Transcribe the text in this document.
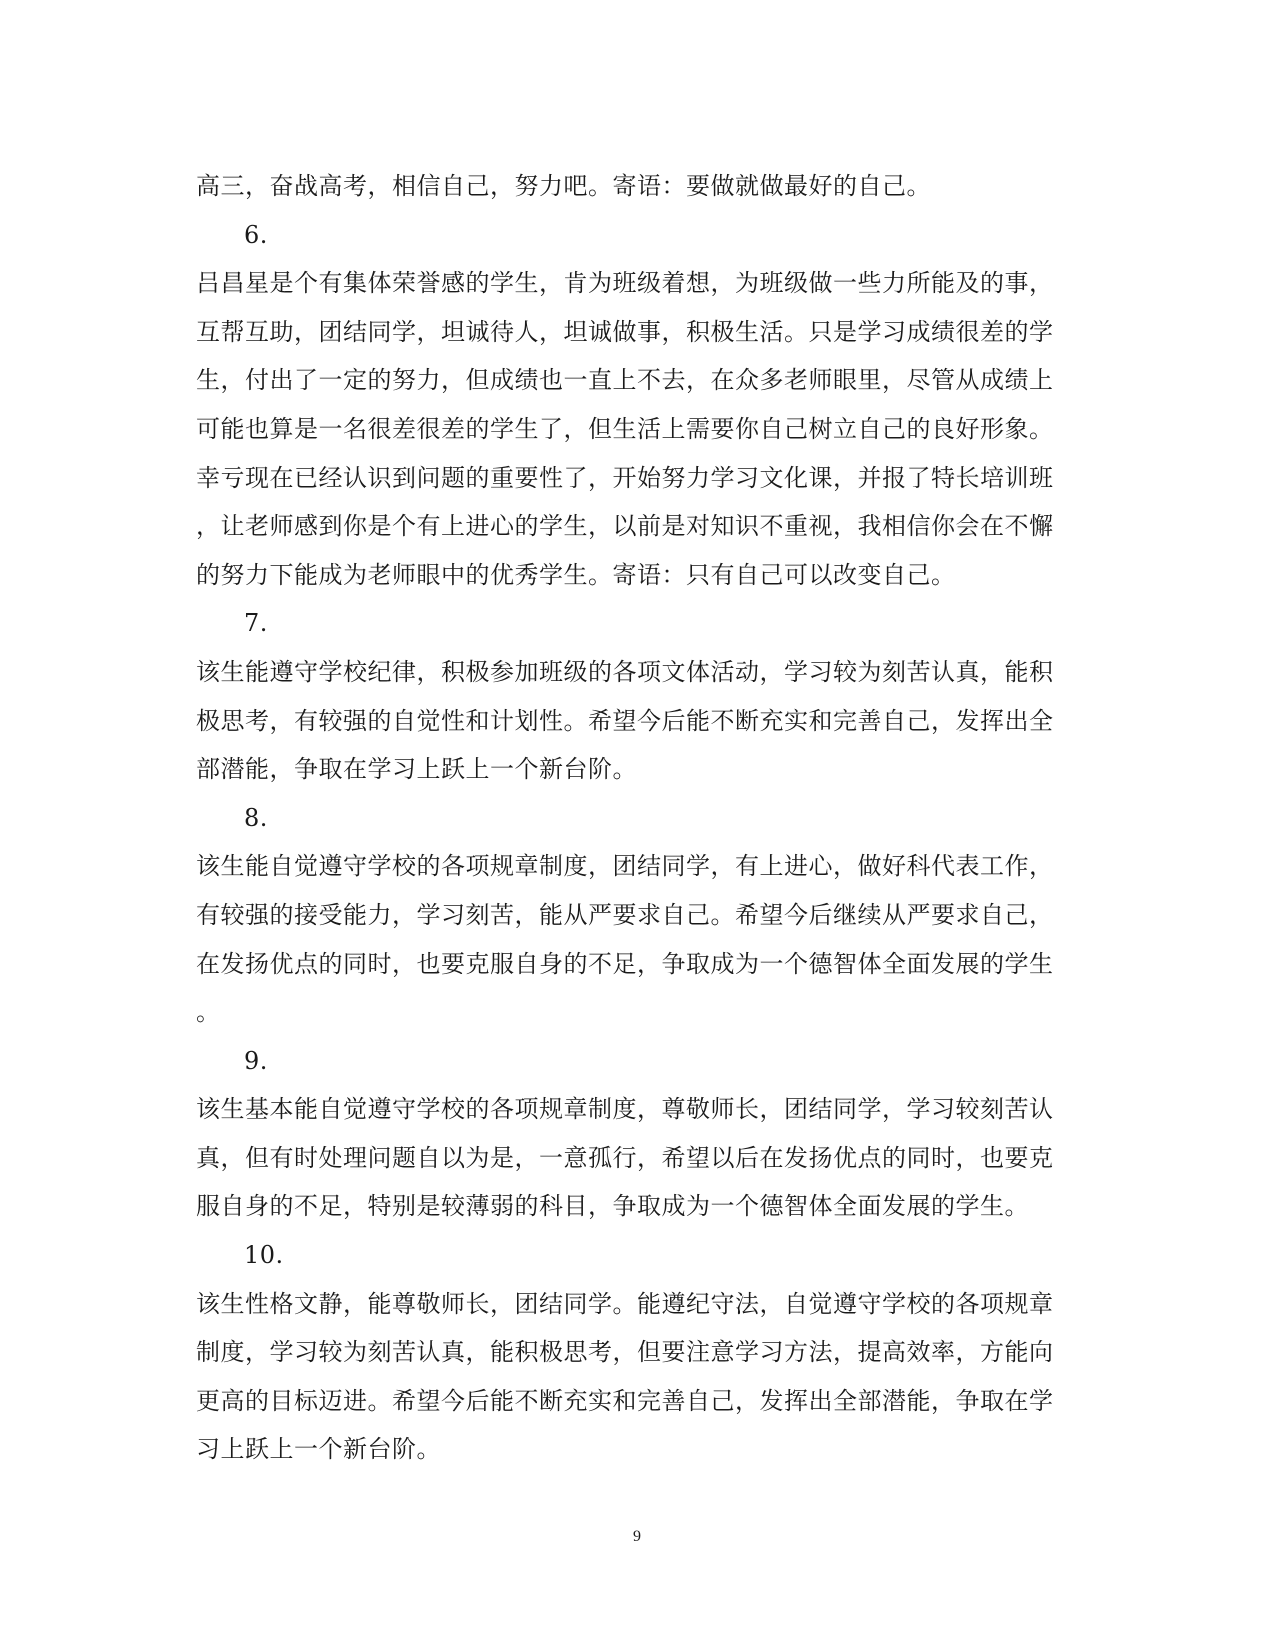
高三，奋战高考，相信自己，努力吧。寄语：要做就做最好的自己。
6.
吕昌星是个有集体荣誉感的学生，肯为班级着想，为班级做一些力所能及的事，
互帮互助，团结同学，坦诚待人，坦诚做事，积极生活。只是学习成绩很差的学
生，付出了一定的努力，但成绩也一直上不去，在众多老师眼里，尽管从成绩上
可能也算是一名很差很差的学生了，但生活上需要你自己树立自己的良好形象。
幸亏现在已经认识到问题的重要性了，开始努力学习文化课，并报了特长培训班
，让老师感到你是个有上进心的学生，以前是对知识不重视，我相信你会在不懈
的努力下能成为老师眼中的优秀学生。寄语：只有自己可以改变自己。
7.
该生能遵守学校纪律，积极参加班级的各项文体活动，学习较为刻苦认真，能积
极思考，有较强的自觉性和计划性。希望今后能不断充实和完善自己，发挥出全
部潜能，争取在学习上跃上一个新台阶。
8.
该生能自觉遵守学校的各项规章制度，团结同学，有上进心，做好科代表工作，
有较强的接受能力，学习刻苦，能从严要求自己。希望今后继续从严要求自己，
在发扬优点的同时，也要克服自身的不足，争取成为一个德智体全面发展的学生
。
9.
该生基本能自觉遵守学校的各项规章制度，尊敬师长，团结同学，学习较刻苦认
真，但有时处理问题自以为是，一意孤行，希望以后在发扬优点的同时，也要克
服自身的不足，特别是较薄弱的科目，争取成为一个德智体全面发展的学生。
10.
该生性格文静，能尊敬师长，团结同学。能遵纪守法，自觉遵守学校的各项规章
制度，学习较为刻苦认真，能积极思考，但要注意学习方法，提高效率，方能向
更高的目标迈进。希望今后能不断充实和完善自己，发挥出全部潜能，争取在学
习上跃上一个新台阶。
9
